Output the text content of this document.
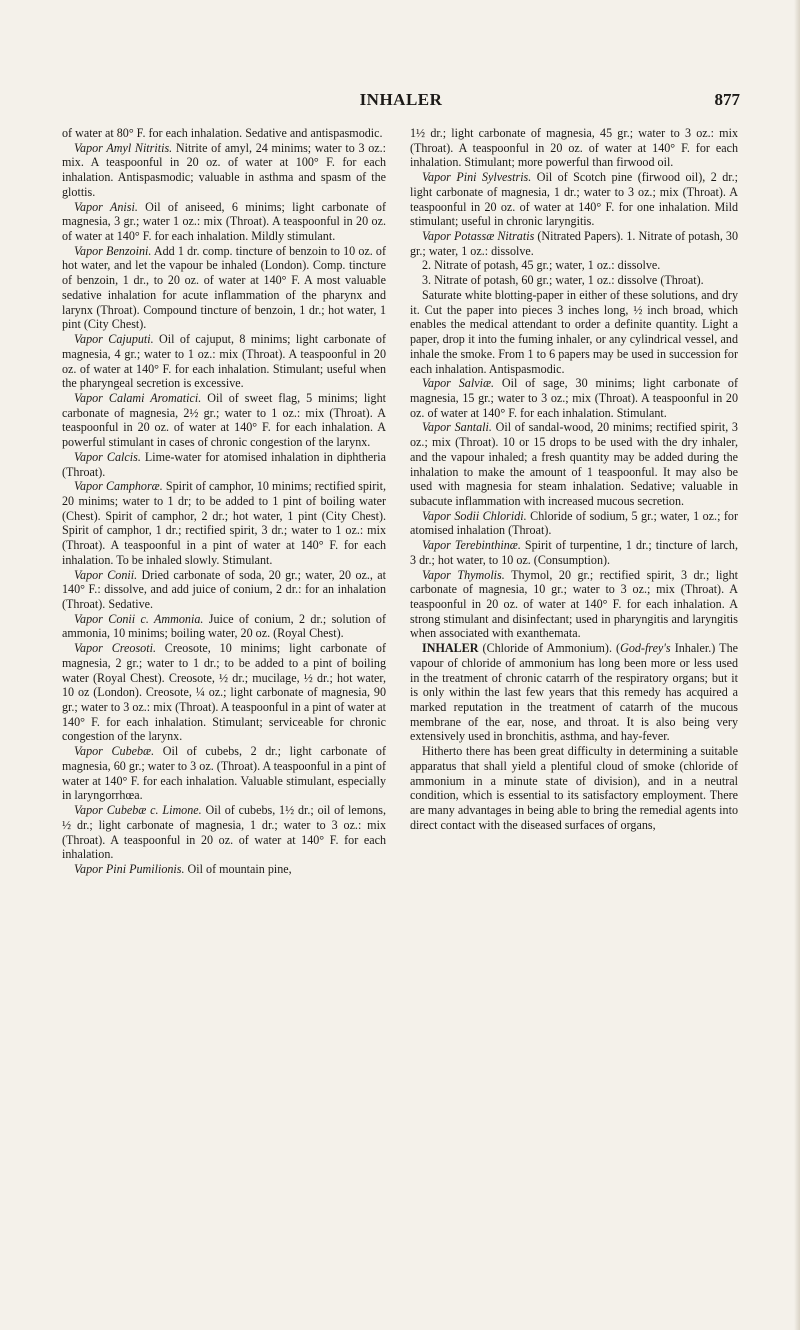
INHALER	877

of water at 80° F. for each inhalation. Sedative and antispasmodic.

Vapor Amyl Nitritis. Nitrite of amyl, 24 minims; water to 3 oz.: mix. A teaspoonful in 20 oz. of water at 100° F. for each inhalation. Antispasmodic; valuable in asthma and spasm of the glottis.

Vapor Anisi. Oil of aniseed, 6 minims; light carbonate of magnesia, 3 gr.; water 1 oz.: mix (Throat). A teaspoonful in 20 oz. of water at 140° F. for each inhalation. Mildly stimulant.

Vapor Benzoini. Add 1 dr. comp. tincture of benzoin to 10 oz. of hot water, and let the vapour be inhaled (London). Comp. tincture of benzoin, 1 dr., to 20 oz. of water at 140° F. A most valuable sedative inhalation for acute inflammation of the pharynx and larynx (Throat). Compound tincture of benzoin, 1 dr.; hot water, 1 pint (City Chest).

Vapor Cajuputi. Oil of cajuput, 8 minims; light carbonate of magnesia, 4 gr.; water to 1 oz.: mix (Throat). A teaspoonful in 20 oz. of water at 140° F. for each inhalation. Stimulant; useful when the pharyngeal secretion is excessive.

Vapor Calami Aromatici. Oil of sweet flag, 5 minims; light carbonate of magnesia, 2½ gr.; water to 1 oz.: mix (Throat). A teaspoonful in 20 oz. of water at 140° F. for each inhalation. A powerful stimulant in cases of chronic congestion of the larynx.

Vapor Calcis. Lime-water for atomised inhalation in diphtheria (Throat).

Vapor Camphoræ. Spirit of camphor, 10 minims; rectified spirit, 20 minims; water to 1 dr; to be added to 1 pint of boiling water (Chest). Spirit of camphor, 2 dr.; hot water, 1 pint (City Chest). Spirit of camphor, 1 dr.; rectified spirit, 3 dr.; water to 1 oz.: mix (Throat). A teaspoonful in a pint of water at 140° F. for each inhalation. To be inhaled slowly. Stimulant.

Vapor Conii. Dried carbonate of soda, 20 gr.; water, 20 oz., at 140° F.: dissolve, and add juice of conium, 2 dr.: for an inhalation (Throat). Sedative.

Vapor Conii c. Ammonia. Juice of conium, 2 dr.; solution of ammonia, 10 minims; boiling water, 20 oz. (Royal Chest).

Vapor Creosoti. Creosote, 10 minims; light carbonate of magnesia, 2 gr.; water to 1 dr.; to be added to a pint of boiling water (Royal Chest). Creosote, ½ dr.; mucilage, ½ dr.; hot water, 10 oz (London). Creosote, ¼ oz.; light carbonate of magnesia, 90 gr.; water to 3 oz.: mix (Throat). A teaspoonful in a pint of water at 140° F. for each inhalation. Stimulant; serviceable for chronic congestion of the larynx.

Vapor Cubebæ. Oil of cubebs, 2 dr.; light carbonate of magnesia, 60 gr.; water to 3 oz. (Throat). A teaspoonful in a pint of water at 140° F. for each inhalation. Valuable stimulant, especially in laryngorrhœa.

Vapor Cubebæ c. Limone. Oil of cubebs, 1½ dr.; oil of lemons, ½ dr.; light carbonate of magnesia, 1 dr.; water to 3 oz.: mix (Throat). A teaspoonful in 20 oz. of water at 140° F. for each inhalation.

Vapor Pini Pumilionis. Oil of mountain pine,

1½ dr.; light carbonate of magnesia, 45 gr.; water to 3 oz.: mix (Throat). A teaspoonful in 20 oz. of water at 140° F. for each inhalation. Stimulant; more powerful than firwood oil.

Vapor Pini Sylvestris. Oil of Scotch pine (firwood oil), 2 dr.; light carbonate of magnesia, 1 dr.; water to 3 oz.; mix (Throat). A teaspoonful in 20 oz. of water at 140° F. for one inhalation. Mild stimulant; useful in chronic laryngitis.

Vapor Potassæ Nitratis (Nitrated Papers). 1. Nitrate of potash, 30 gr.; water, 1 oz.: dissolve.

2. Nitrate of potash, 45 gr.; water, 1 oz.: dissolve.

3. Nitrate of potash, 60 gr.; water, 1 oz.: dissolve (Throat).

Saturate white blotting-paper in either of these solutions, and dry it. Cut the paper into pieces 3 inches long, ½ inch broad, which enables the medical attendant to order a definite quantity. Light a paper, drop it into the fuming inhaler, or any cylindrical vessel, and inhale the smoke. From 1 to 6 papers may be used in succession for each inhalation. Antispasmodic.

Vapor Salviæ. Oil of sage, 30 minims; light carbonate of magnesia, 15 gr.; water to 3 oz.; mix (Throat). A teaspoonful in 20 oz. of water at 140° F. for each inhalation. Stimulant.

Vapor Santali. Oil of sandal-wood, 20 minims; rectified spirit, 3 oz.; mix (Throat). 10 or 15 drops to be used with the dry inhaler, and the vapour inhaled; a fresh quantity may be added during the inhalation to make the amount of 1 teaspoonful. It may also be used with magnesia for steam inhalation. Sedative; valuable in subacute inflammation with increased mucous secretion.

Vapor Sodii Chloridi. Chloride of sodium, 5 gr.; water, 1 oz.; for atomised inhalation (Throat).

Vapor Terebinthinæ. Spirit of turpentine, 1 dr.; tincture of larch, 3 dr.; hot water, to 10 oz. (Consumption).

Vapor Thymolis. Thymol, 20 gr.; rectified spirit, 3 dr.; light carbonate of magnesia, 10 gr.; water to 3 oz.; mix (Throat). A teaspoonful in 20 oz. of water at 140° F. for each inhalation. A strong stimulant and disinfectant; used in pharyngitis and laryngitis when associated with exanthemata.

INHALER (Chloride of Ammonium). (God-frey's Inhaler.) The vapour of chloride of ammonium has long been more or less used in the treatment of chronic catarrh of the respiratory organs; but it is only within the last few years that this remedy has acquired a marked reputation in the treatment of catarrh of the mucous membrane of the ear, nose, and throat. It is also being very extensively used in bronchitis, asthma, and hay-fever.

Hitherto there has been great difficulty in determining a suitable apparatus that shall yield a plentiful cloud of smoke (chloride of ammonium in a minute state of division), and in a neutral condition, which is essential to its satisfactory employment. There are many advantages in being able to bring the remedial agents into direct contact with the diseased surfaces of organs,
